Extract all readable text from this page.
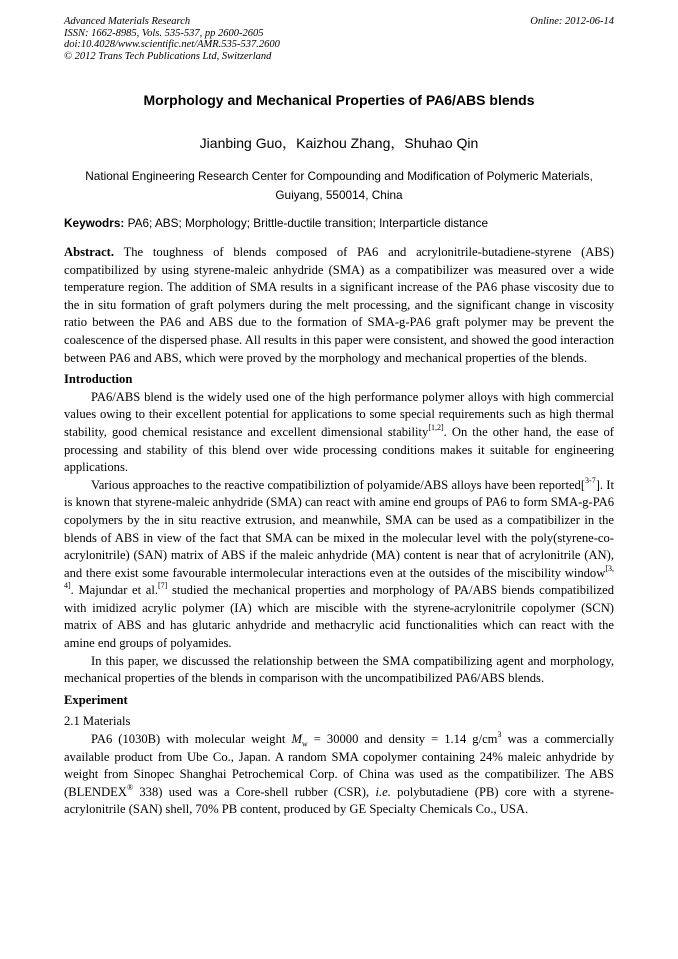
Advanced Materials Research
ISSN: 1662-8985, Vols. 535-537, pp 2600-2605
doi:10.4028/www.scientific.net/AMR.535-537.2600
© 2012 Trans Tech Publications Ltd, Switzerland
Online: 2012-06-14
Morphology and Mechanical Properties of PA6/ABS blends
Jianbing Guo，Kaizhou Zhang，Shuhao Qin
National Engineering Research Center for Compounding and Modification of Polymeric Materials,
Guiyang, 550014, China
Keywodrs: PA6; ABS; Morphology; Brittle-ductile transition; Interparticle distance

Abstract. The toughness of blends composed of PA6 and acrylonitrile-butadiene-styrene (ABS) compatibilized by using styrene-maleic anhydride (SMA) as a compatibilizer was measured over a wide temperature region. The addition of SMA results in a significant increase of the PA6 phase viscosity due to the in situ formation of graft polymers during the melt processing, and the significant change in viscosity ratio between the PA6 and ABS due to the formation of SMA-g-PA6 graft polymer may be prevent the coalescence of the dispersed phase. All results in this paper were consistent, and showed the good interaction between PA6 and ABS, which were proved by the morphology and mechanical properties of the blends.

Introduction

PA6/ABS blend is the widely used one of the high performance polymer alloys with high commercial values owing to their excellent potential for applications to some special requirements such as high thermal stability, good chemical resistance and excellent dimensional stability[1,2]. On the other hand, the ease of processing and stability of this blend over wide processing conditions makes it suitable for engineering applications.

Various approaches to the reactive compatibiliztion of polyamide/ABS alloys have been reported[$^{3-7}$]. It is known that styrene-maleic anhydride (SMA) can react with amine end groups of PA6 to form SMA-g-PA6 copolymers by the in situ reactive extrusion, and meanwhile, SMA can be used as a compatibilizer in the blends of ABS in view of the fact that SMA can be mixed in the molecular level with the poly(styrene-co-acrylonitrile) (SAN) matrix of ABS if the maleic anhydride (MA) content is near that of acrylonitrile (AN), and there exist some favourable intermolecular interactions even at the outsides of the miscibility window[3, 4]. Majundar et al.[7] studied the mechanical properties and morphology of PA/ABS biends compatibilized with imidized acrylic polymer (IA) which are miscible with the styrene-acrylonitrile copolymer (SCN) matrix of ABS and has glutaric anhydride and methacrylic acid functionalities which can react with the amine end groups of polyamides.

In this paper, we discussed the relationship between the SMA compatibilizing agent and morphology, mechanical properties of the blends in comparison with the uncompatibilized PA6/ABS blends.

Experiment
2.1 Materials

PA6 (1030B) with molecular weight $M_w = 30000$ and density = 1.14 $g/cm^3$ was a commercially available product from Ube Co., Japan. A random SMA copolymer containing 24% maleic anhydride by weight from Sinopec Shanghai Petrochemical Corp. of China was used as the compatibilizer. The ABS (BLENDEX® 338) used was a Core-shell rubber (CSR), i.e. polybutadiene (PB) core with a styrene-acrylonitrile (SAN) shell, 70% PB content, produced by GE Specialty Chemicals Co., USA.
